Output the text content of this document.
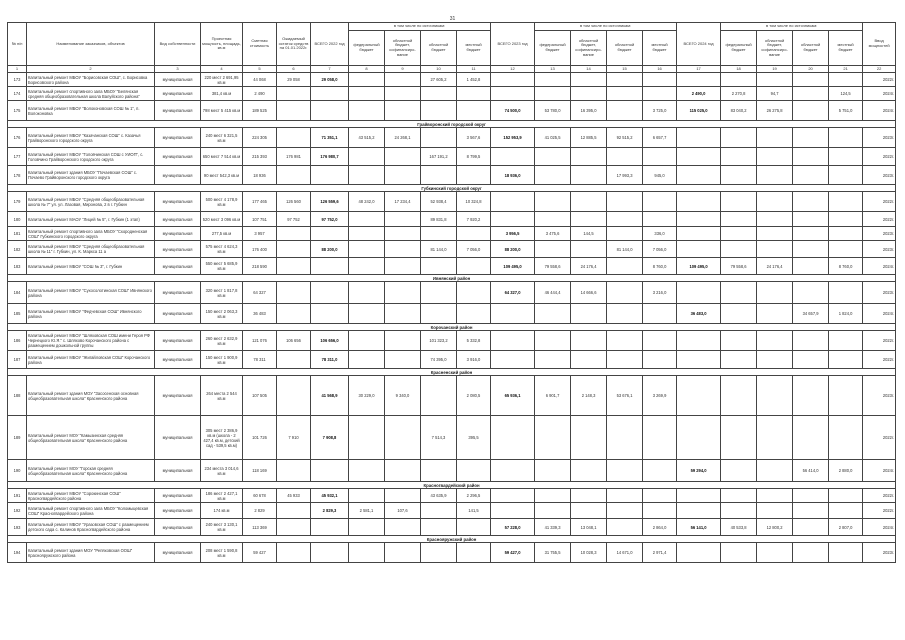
31
№ п/п	Наименование заказчиков, объектов	Вид собственности	Проектная мощность, площадь, кв.м	Сметная стоимость	Ожидаемый остаток средств на 01.01.2022г.	ВСЕГО 2022 год	в том числе по источникам:				ВСЕГО 2023 год	в том числе по источникам:				ВСЕГО 2024 год	в том числе по источникам:				Ввод мощностей
							федеральный бюджет	областной бюджет, софинансиро-вание	областной бюджет	местный бюджет		федеральный бюджет	областной бюджет, софинансиро-вание	областной бюджет	местный бюджет		федеральный бюджет	областной бюджет, софинансиро-вание	областной бюджет	местный бюджет	
1	2	3	4	5	6	7	8	9	10	11	12	13	14	15	16	17	18	19	20	21	22
173	Капитальный ремонт МБОУ "Борисовская СОШ", с. Борисовка Борисовского района	муниципальная	220 мест 2 691,95 кв.м	44 068	29 058	29 058,0			27 605,2	1 452,8											2022г.
174	Капитальный ремонт спортивного зала МБОУ "Белянская средняя общеобразовательная школа Валуйского района"	муниципальная	381,4 кв.м	2 490												2 490,0	2 270,8	94,7		124,5	2024г.
175	Капитальный ремонт МБОУ "Волоконовская СОШ № 1", п. Волоконовка	муниципальная	798 мест 5 415 кв.м	189 525							74 500,0	53 780,0	16 395,0		3 725,0	115 025,0	83 040,2	26 275,8		5 751,0	2024г.
Грайворонский городской округ																					
176	Капитальный ремонт МБОУ "Казачанская СОШ" с. Казачья Грайворонского городского округа	муниципальная	240 мест 6 321,5 кв.м	224 305		71 351,1	43 515,2	24 268,1		3 567,6	152 953,9	41 025,5	12 885,5	92 515,2	6 657,7						2023г.
177	Капитальный ремонт МБОУ "Головчинская СОШ с УИОП", с. Головчино Грайворонского городского округа	муниципальная	650 мест 7 514 кв.м	215 393	176 981	176 980,7			167 191,2	8 799,5											2022г.
178	Капитальный ремонт здания МБОУ "Почаевская СОШ" с. Почаево Грайворонского городского округа	муниципальная	90 мест 542,3 кв.м	18 936							18 936,0			17 993,3	945,0						2023г.
Губкинский городской округ																					
179	Капитальный ремонт МБОУ "Средняя общеобразовательная школа № 7" ул. ул. Лазовая, Миронова, 2 в г. Губкин	муниципальная	500 мест 4 178,9 кв.м	177 465	126 560	126 559,6	48 242,0	17 234,4	52 938,4	10 324,8											2022г.
180	Капитальный ремонт МАОУ "Лицей № 5", г. Губкин (1 этап)	муниципальная	520 мест 3 096 кв.м	107 751	97 752	97 752,0			89 831,8	7 920,2											2022г.
181	Капитальный ремонт спортивного зала МБОУ "Скородненская СОШ" Губкинского городского округа	муниципальная	277,5 кв.м	3 957							3 956,5	3 475,6	144,5		336,0						2023г.
182	Капитальный ремонт МБОУ "Средняя общеобразовательная школа № 11" г. Губкин, ул. К. Маркса 11 а	муниципальная	575 мест 4 624,3 кв.м	176 400		88 200,0			81 144,0	7 056,0	88 200,0			81 144,0	7 056,0						2023г.
183	Капитальный ремонт МБОУ "СОШ № 3", г. Губкин	муниципальная	550 мест 5 685,9 кв.м	218 590							109 495,0	79 558,6	24 176,4		8 760,0	109 495,0	79 558,6	24 176,4		8 760,0	2024г.
Ивнянский район																					
184	Капитальный ремонт МБОУ "Сухосолотинская СОШ" Ивнянского района	муниципальная	320 мест 1 817,8 кв.м	64 327							64 327,0	46 444,4	14 666,6		3 216,0						2023г.
185	Капитальный ремонт МБОУ "Федчевская СОШ" Ивнянского района	муниципальная	150 мест 2 063,3 кв.м	36 483												36 483,0			34 657,9	1 824,0	2024г.
Корочанский район																					
186	Капитальный ремонт МБОУ "Шляховская СОШ имени Героя РФ Чернецкого Ю.Я." с. Шляхово Корочанского района с размещением дошкольной группы	муниципальная	260 мест 2 632,9 кв.м	121 076	106 656	106 656,0			101 323,2	5 332,8											2022г.
187	Капитальный ремонт МБОУ "Жигайловская СОШ" Корочанского района	муниципальная	150 мест 1 900,9 кв.м	78 311		78 311,0			74 395,0	3 916,0											2022г.
Красненский район																					
188	Капитальный ремонт здания МОУ "Засосенская основная общеобразовательная школа" Красненского района	муниципальная	264 места 2 544 кв.м	107 505		41 568,9	30 229,0	9 340,0		2 080,5	65 936,1	6 901,7	2 148,3	53 676,1	3 269,9						2023г.
189	Капитальный ремонт МОУ "Камызинская средняя общеобразовательная школа" Красненского района	муниципальная	305 мест 2 386,9 кв.м (школа - 2 427,4 кв.м, детский сад - 539,5 кв.м)	101 726	7 910	7 908,8			7 514,3	395,5											2022г.
190	Капитальный ремонт МОУ "Горская средняя общеобразовательная школа" Красненского района	муниципальная	234 места 3 014,6 кв.м	118 169												59 294,0			56 414,0	2 880,0	2024г.
Красногвардейский район																					
191	Капитальный ремонт МБОУ "Сорокинская СОШ" Красногвардейского района	муниципальная	186 мест 2 427,1 кв.м	60 678	45 933	45 932,1			43 635,9	2 296,5											2022г.
192	Капитальный ремонт спортивного зала МБОУ "Коломыцевская СОШ" Красногвардейского района	муниципальная	174 кв.м	2 829		2 829,3	2 581,1	107,6		141,5											2022г.
193	Капитальный ремонт МБОУ "Уразовская СОШ" с размещением детского сада с. Калинов Красногвардейского района	муниципальная	240 мест 3 130,1 кв.м	113 369							57 228,0	41 339,3	13 048,1		2 864,0	56 141,0	40 533,8	12 800,2		2 807,0	2024г.
Краснояружский район																					
194	Капитальный ремонт здания МОУ "Репяховская ООШ" Краснояружского района	муниципальная	208 мест 1 590,8 кв.м	59 427							59 427,0	31 755,5	10 028,3	14 671,0	2 971,4						2023г.
